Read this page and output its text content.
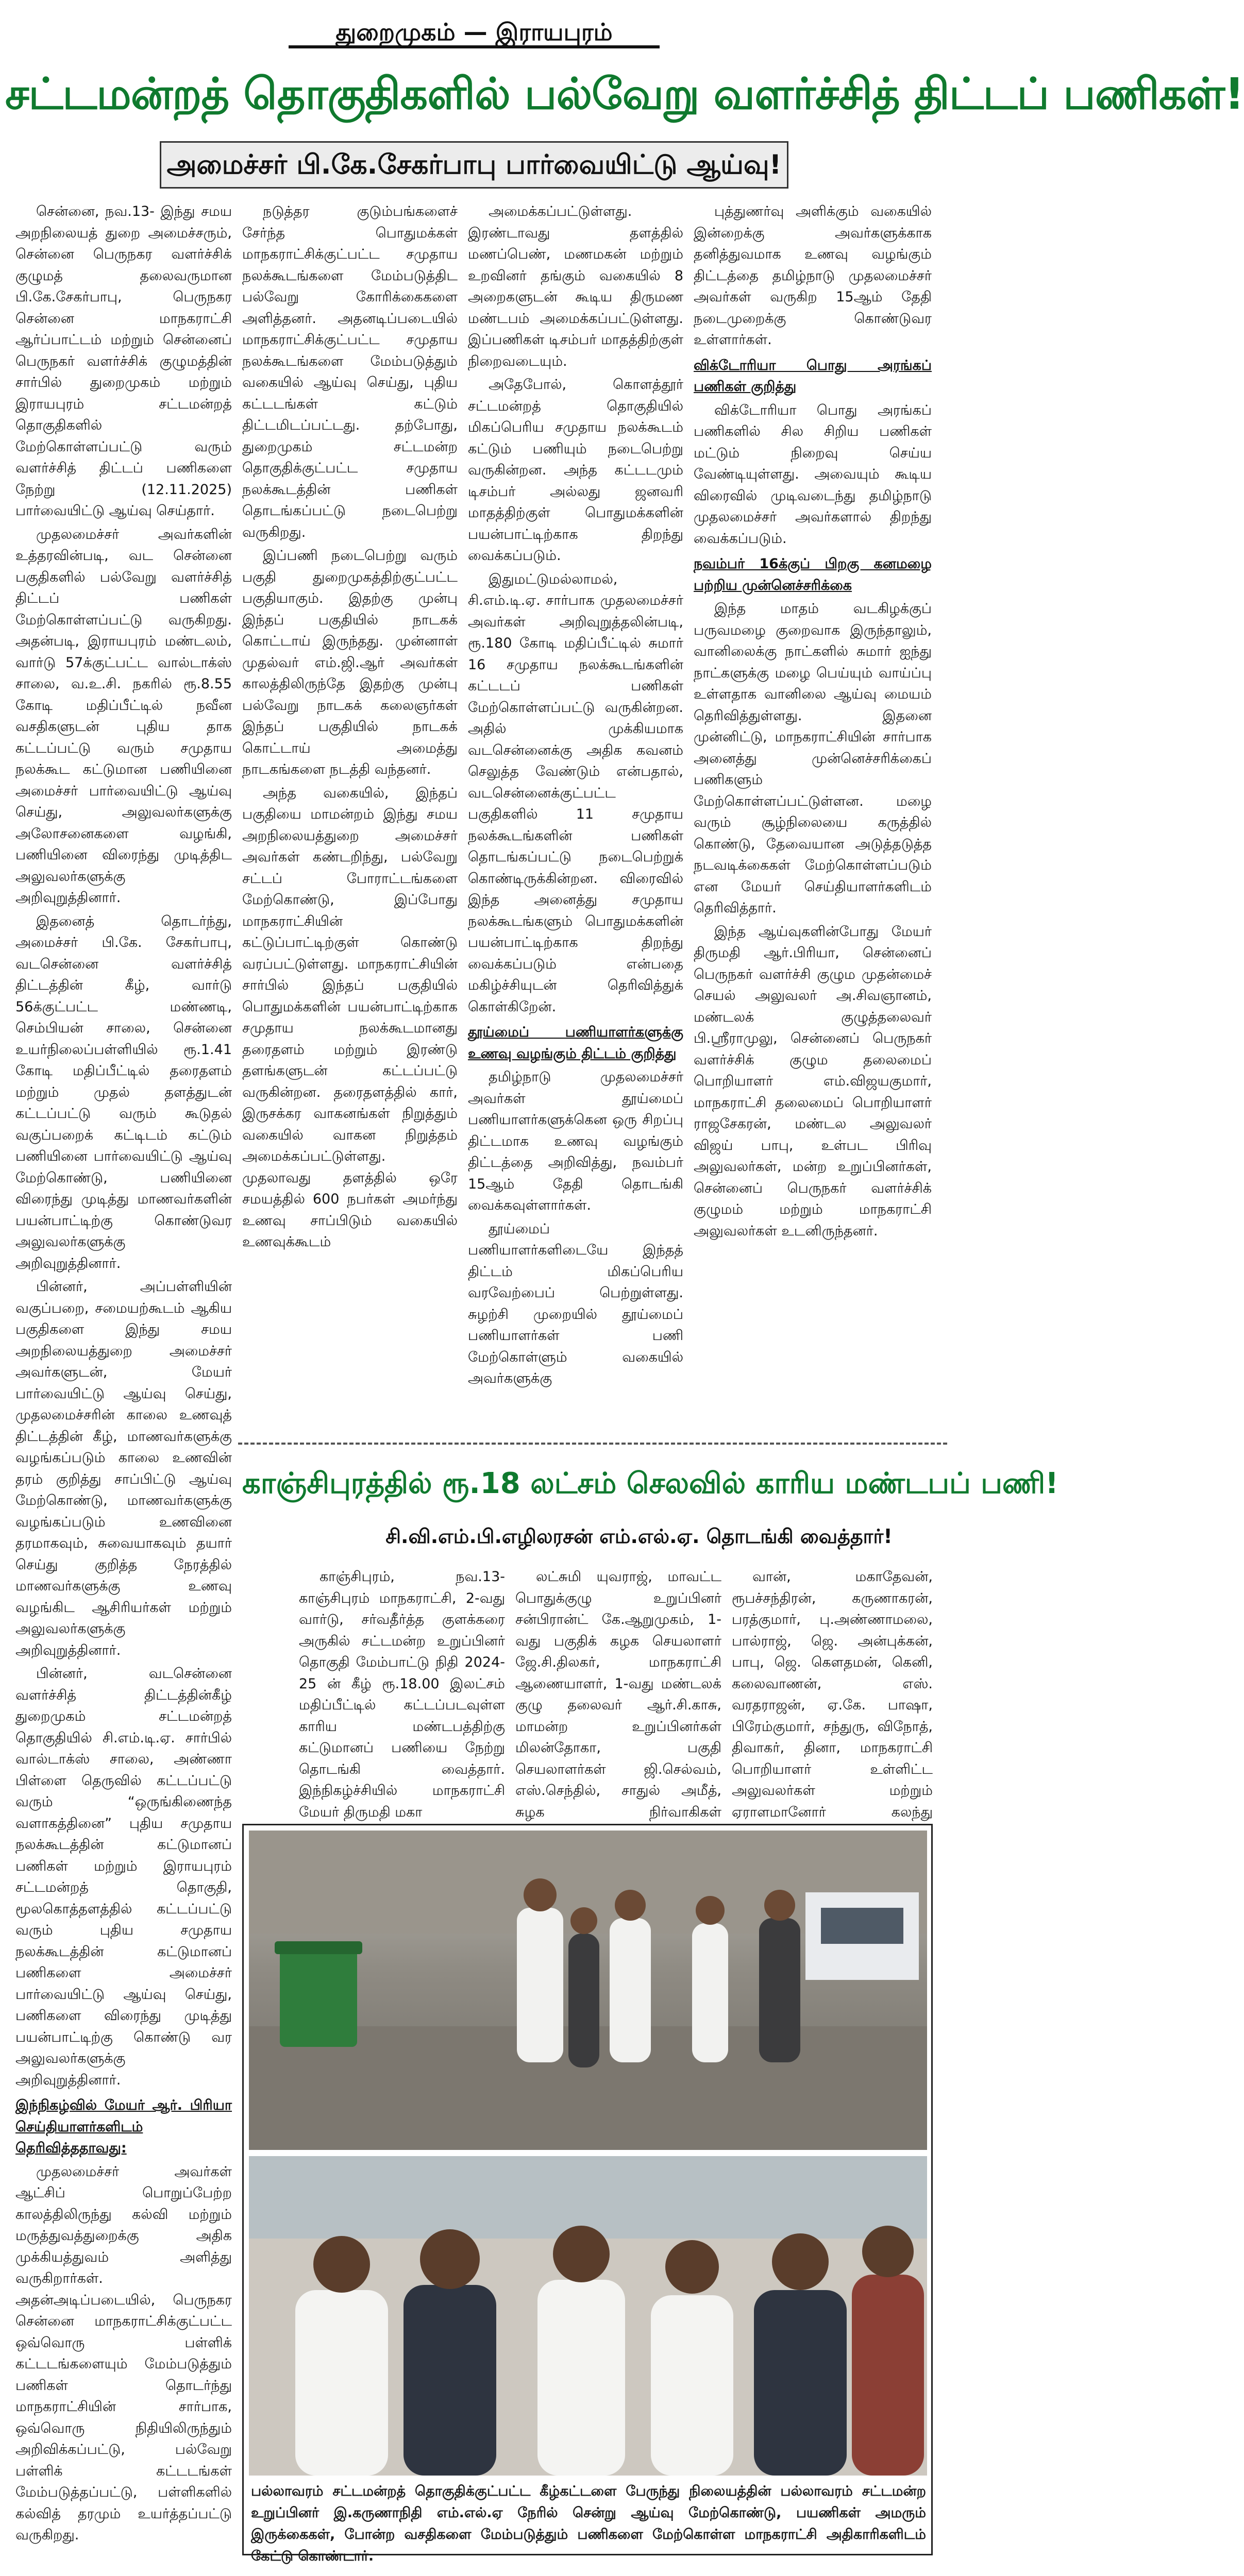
துறைமுகம் — இராயபுரம்
சட்டமன்றத் தொகுதிகளில் பல்வேறு வளர்ச்சித் திட்டப் பணிகள்!
அமைச்சர் பி.கே.சேகர்பாபு பார்வையிட்டு ஆய்வு!

சென்னை, நவ.13- இந்து சமய அறநிலையத் துறை அமைச்சரும், சென்னை பெருநகர வளர்ச்சிக் குழுமத் தலைவருமான பி.கே.சேகர்பாபு, பெருநகர சென்னை மாநகராட்சி ஆர்ப்பாட்டம் மற்றும் சென்னைப் பெருநகர் வளர்ச்சிக் குழுமத்தின் சார்பில் துறைமுகம் மற்றும் இராயபுரம் சட்டமன்றத் தொகுதிகளில் மேற்கொள்ளப்பட்டு வரும் வளர்ச்சித் திட்டப் பணிகளை நேற்று (12.11.2025) பார்வையிட்டு ஆய்வு செய்தார்.

முதலமைச்சர் அவர்களின் உத்தரவின்படி, வட சென்னை பகுதிகளில் பல்வேறு வளர்ச்சித் திட்டப் பணிகள் மேற்கொள்ளப்பட்டு வருகிறது. அதன்படி, இராயபுரம் மண்டலம், வார்டு 57க்குட்பட்ட வால்டாக்ஸ் சாலை, வ.உ.சி. நகரில் ரூ.8.55 கோடி மதிப்பீட்டில் நவீன வசதிகளுடன் புதிய தாக கட்டப்பட்டு வரும் சமுதாய நலக்கூட கட்டுமான பணியினை அமைச்சர் பார்வையிட்டு ஆய்வு செய்து, அலுவலர்களுக்கு அலோசனைகளை வழங்கி, பணியினை விரைந்து முடித்திட அலுவலர்களுக்கு அறிவுறுத்தினார்.

இதனைத் தொடர்ந்து, அமைச்சர் பி.கே. சேகர்பாபு, வடசென்னை வளர்ச்சித் திட்டத்தின் கீழ், வார்டு 56க்குட்பட்ட மண்ணடி, செம்பியன் சாலை, சென்னை உயர்நிலைப்பள்ளியில் ரூ.1.41 கோடி மதிப்பீட்டில் தரைதளம் மற்றும் முதல் தளத்துடன் கட்டப்பட்டு வரும் கூடுதல் வகுப்பறைக் கட்டிடம் கட்டும் பணியினை பார்வையிட்டு ஆய்வு மேற்கொண்டு, பணியினை விரைந்து முடித்து மாணவர்களின் பயன்பாட்டிற்கு கொண்டுவர அலுவலர்களுக்கு அறிவுறுத்தினார்.

பின்னர், அப்பள்ளியின் வகுப்பறை, சமையற்கூடம் ஆகிய பகுதிகளை இந்து சமய அறநிலையத்துறை அமைச்சர் அவர்களுடன், மேயர் பார்வையிட்டு ஆய்வு செய்து, முதலமைச்சரின் காலை உணவுத் திட்டத்தின் கீழ், மாணவர்களுக்கு வழங்கப்படும் காலை உணவின் தரம் குறித்து சாப்பிட்டு ஆய்வு மேற்கொண்டு, மாணவர்களுக்கு வழங்கப்படும் உணவினை தரமாகவும், சுவையாகவும் தயார் செய்து குறித்த நேரத்தில் மாணவர்களுக்கு உணவு வழங்கிட ஆசிரியர்கள் மற்றும் அலுவலர்களுக்கு அறிவுறுத்தினார்.

பின்னர், வடசென்னை வளர்ச்சித் திட்டத்தின்கீழ் துறைமுகம் சட்டமன்றத் தொகுதியில் சி.எம்.டி.ஏ. சார்பில் வால்டாக்ஸ் சாலை, அண்ணா பிள்ளை தெருவில் கட்டப்பட்டு வரும் “ஒருங்கிணைந்த வளாகத்தினை” புதிய சமுதாய நலக்கூடத்தின் கட்டுமானப் பணிகள் மற்றும் இராயபுரம் சட்டமன்றத் தொகுதி, மூலகொத்தளத்தில் கட்டப்பட்டு வரும் புதிய சமுதாய நலக்கூடத்தின் கட்டுமானப் பணிகளை அமைச்சர் பார்வையிட்டு ஆய்வு செய்து, பணிகளை விரைந்து முடித்து பயன்பாட்டிற்கு கொண்டு வர அலுவலர்களுக்கு அறிவுறுத்தினார்.

இந்நிகழ்வில் மேயர் ஆர். பிரியா செய்தியாளர்களிடம் தெரிவித்ததாவது:

முதலமைச்சர் அவர்கள் ஆட்சிப் பொறுப்பேற்ற காலத்திலிருந்து கல்வி மற்றும் மருத்துவத்துறைக்கு அதிக முக்கியத்துவம் அளித்து வருகிறார்கள். அதன்அடிப்படையில், பெருநகர சென்னை மாநகராட்சிக்குட்பட்ட ஒவ்வொரு பள்ளிக் கட்டடங்களையும் மேம்படுத்தும் பணிகள் தொடர்ந்து மாநகராட்சியின் சார்பாக, ஒவ்வொரு நிதியிலிருந்தும் அறிவிக்கப்பட்டு, பல்வேறு பள்ளிக் கட்டடங்கள் மேம்படுத்தப்பட்டு, பள்ளிகளில் கல்வித் தரமும் உயர்த்தப்பட்டு வருகிறது.

நடுத்தர குடும்பங்களைச் சேர்ந்த பொதுமக்கள் மாநகராட்சிக்குட்பட்ட சமுதாய நலக்கூடங்களை மேம்படுத்திட பல்வேறு கோரிக்கைகளை அளித்தனர். அதனடிப்படையில் மாநகராட்சிக்குட்பட்ட சமுதாய நலக்கூடங்களை மேம்படுத்தும் வகையில் ஆய்வு செய்து, புதிய கட்டடங்கள் கட்டும் திட்டமிடப்பட்டது. தற்போது, துறைமுகம் சட்டமன்ற தொகுதிக்குட்பட்ட சமுதாய நலக்கூடத்தின் பணிகள் தொடங்கப்பட்டு நடைபெற்று வருகிறது.

இப்பணி நடைபெற்று வரும் பகுதி துறைமுகத்திற்குட்பட்ட பகுதியாகும். இதற்கு முன்பு இந்தப் பகுதியில் நாடகக் கொட்டாய் இருந்தது. முன்னாள் முதல்வர் எம்.ஜி.ஆர் அவர்கள் காலத்திலிருந்தே இதற்கு முன்பு பல்வேறு நாடகக் கலைஞர்கள் இந்தப் பகுதியில் நாடகக் கொட்டாய் அமைத்து நாடகங்களை நடத்தி வந்தனர்.

அந்த வகையில், இந்தப் பகுதியை மாமன்றம் இந்து சமய அறநிலையத்துறை அமைச்சர் அவர்கள் கண்டறிந்து, பல்வேறு சட்டப் போராட்டங்களை மேற்கொண்டு, இப்போது மாநகராட்சியின் கட்டுப்பாட்டிற்குள் கொண்டு வரப்பட்டுள்ளது. மாநகராட்சியின் சார்பில் இந்தப் பகுதியில் பொதுமக்களின் பயன்பாட்டிற்காக சமுதாய நலக்கூடமானது தரைதளம் மற்றும் இரண்டு தளங்களுடன் கட்டப்பட்டு வருகின்றன. தரைதளத்தில் கார், இருசக்கர வாகனங்கள் நிறுத்தும் வகையில் வாகன நிறுத்தம் அமைக்கப்பட்டுள்ளது. முதலாவது தளத்தில் ஒரே சமயத்தில் 600 நபர்கள் அமர்ந்து உணவு சாப்பிடும் வகையில் உணவுக்கூடம்

அமைக்கப்பட்டுள்ளது. இரண்டாவது தளத்தில் மணப்பெண், மணமகன் மற்றும் உறவினர் தங்கும் வகையில் 8 அறைகளுடன் கூடிய திருமண மண்டபம் அமைக்கப்பட்டுள்ளது. இப்பணிகள் டிசம்பர் மாதத்திற்குள் நிறைவடையும்.

அதேபோல், கொளத்தூர் சட்டமன்றத் தொகுதியில் மிகப்பெரிய சமுதாய நலக்கூடம் கட்டும் பணியும் நடைபெற்று வருகின்றன. அந்த கட்டடமும் டிசம்பர் அல்லது ஜனவரி மாதத்திற்குள் பொதுமக்களின் பயன்பாட்டிற்காக திறந்து வைக்கப்படும்.

இதுமட்டுமல்லாமல், சி.எம்.டி.ஏ. சார்பாக முதலமைச்சர் அவர்கள் அறிவுறுத்தலின்படி, ரூ.180 கோடி மதிப்பீட்டில் சுமார் 16 சமுதாய நலக்கூடங்களின் கட்டடப் பணிகள் மேற்கொள்ளப்பட்டு வருகின்றன. அதில் முக்கியமாக வடசென்னைக்கு அதிக கவனம் செலுத்த வேண்டும் என்பதால், வடசென்னைக்குட்பட்ட பகுதிகளில் 11 சமுதாய நலக்கூடங்களின் பணிகள் தொடங்கப்பட்டு நடைபெற்றுக் கொண்டிருக்கின்றன. விரைவில் இந்த அனைத்து சமுதாய நலக்கூடங்களும் பொதுமக்களின் பயன்பாட்டிற்காக திறந்து வைக்கப்படும் என்பதை மகிழ்ச்சியுடன் தெரிவித்துக் கொள்கிறேன்.

தூய்மைப் பணியாளர்களுக்கு உணவு வழங்கும் திட்டம் குறித்து

தமிழ்நாடு முதலமைச்சர் அவர்கள் தூய்மைப் பணியாளர்களுக்கென ஒரு சிறப்பு திட்டமாக உணவு வழங்கும் திட்டத்தை அறிவித்து, நவம்பர் 15ஆம் தேதி தொடங்கி வைக்கவுள்ளார்கள்.

தூய்மைப் பணியாளர்களிடையே இந்தத் திட்டம் மிகப்பெரிய வரவேற்பைப் பெற்றுள்ளது. சுழற்சி முறையில் தூய்மைப் பணியாளர்கள் பணி மேற்கொள்ளும் வகையில் அவர்களுக்கு

புத்துணர்வு அளிக்கும் வகையில் இன்றைக்கு அவர்களுக்காக தனித்துவமாக உணவு வழங்கும் திட்டத்தை தமிழ்நாடு முதலமைச்சர் அவர்கள் வருகிற 15ஆம் தேதி நடைமுறைக்கு கொண்டுவர உள்ளார்கள்.

விக்டோரியா பொது அரங்கப் பணிகள் குறித்து

விக்டோரியா பொது அரங்கப் பணிகளில் சில சிறிய பணிகள் மட்டும் நிறைவு செய்ய வேண்டியுள்ளது. அவையும் கூடிய விரைவில் முடிவடைந்து தமிழ்நாடு முதலமைச்சர் அவர்களால் திறந்து வைக்கப்படும்.

நவம்பர் 16க்குப் பிறகு கனமழை பற்றிய முன்னெச்சரிக்கை

இந்த மாதம் வடகிழக்குப் பருவமழை குறைவாக இருந்தாலும், வானிலைக்கு நாட்களில் சுமார் ஐந்து நாட்களுக்கு மழை பெய்யும் வாய்ப்பு உள்ளதாக வானிலை ஆய்வு மையம் தெரிவித்துள்ளது. இதனை முன்னிட்டு, மாநகராட்சியின் சார்பாக அனைத்து முன்னெச்சரிக்கைப் பணிகளும் மேற்கொள்ளப்பட்டுள்ளன. மழை வரும் சூழ்நிலையை கருத்தில் கொண்டு, தேவையான அடுத்தடுத்த நடவடிக்கைகள் மேற்கொள்ளப்படும் என மேயர் செய்தியாளர்களிடம் தெரிவித்தார்.

இந்த ஆய்வுகளின்போது மேயர் திருமதி ஆர்.பிரியா, சென்னைப் பெருநகர் வளர்ச்சி குழும முதன்மைச் செயல் அலுவலர் அ.சிவஞானம், மண்டலக் குழுத்தலைவர் பி.ஸ்ரீராமுலு, சென்னைப் பெருநகர் வளர்ச்சிக் குழும தலைமைப் பொறியாளர் எம்.விஜயகுமார், மாநகராட்சி தலைமைப் பொறியாளர் ராஜசேகரன், மண்டல அலுவலர் விஜய் பாபு, உள்பட பிரிவு அலுவலர்கள், மன்ற உறுப்பினர்கள், சென்னைப் பெருநகர் வளர்ச்சிக் குழுமம் மற்றும் மாநகராட்சி அலுவலர்கள் உடனிருந்தனர்.

காஞ்சிபுரத்தில் ரூ.18 லட்சம் செலவில் காரிய மண்டபப் பணி!
சி.வி.எம்.பி.எழிலரசன் எம்.எல்.ஏ. தொடங்கி வைத்தார்!

காஞ்சிபுரம், நவ.13- காஞ்சிபுரம் மாநகராட்சி, 2-வது வார்டு, சர்வதீர்த்த குளக்கரை அருகில் சட்டமன்ற உறுப்பினர் தொகுதி மேம்பாட்டு நிதி 2024-25 ன் கீழ் ரூ.18.00 இலட்சம் மதிப்பீட்டில் கட்டப்படவுள்ள காரிய மண்டபத்திற்கு கட்டுமானப் பணியை நேற்று தொடங்கி வைத்தார். இந்நிகழ்ச்சியில் மாநகராட்சி மேயர் திருமதி மகா

லட்சுமி யுவராஜ், மாவட்ட பொதுக்குழு உறுப்பினர் சன்பிரான்ட் கே.ஆறுமுகம், 1-வது பகுதிக் கழக செயலாளர் ஜே.சி.திலகர், மாநகராட்சி ஆணையாளர், 1-வது மண்டலக் குழு தலைவர் ஆர்.சி.காசு, மாமன்ற உறுப்பினர்கள் மிலன்தோகா, பகுதி செயலாளர்கள் ஜி.செல்வம், எஸ்.செந்தில், சாதுல் அமீத், சுழக நிர்வாகிகள்

வான், மகாதேவன், ரூபச்சந்திரன், கருணாகரன், பரத்குமார், பு.அண்ணாமலை, பால்ராஜ், ஜெ. அன்புக்கன், பாபு, ஜெ. கௌதமன், கெனி, கலைவாணன், எஸ். வரதராஜன், ஏ.கே. பாஷா, பிரேம்குமார், சந்துரு, விநோத், திவாகர், தினா, மாநகராட்சி பொறியாளர் உள்ளிட்ட அலுவலர்கள் மற்றும் ஏராளமானோர் கலந்து

பல்லாவரம் சட்டமன்றத் தொகுதிக்குட்பட்ட கீழ்கட்டளை பேருந்து நிலையத்தின் பல்லாவரம் சட்டமன்ற உறுப்பினர் இ.கருணாநிதி எம்.எல்.ஏ நேரில் சென்று ஆய்வு மேற்கொண்டு, பயணிகள் அமரும் இருக்கைகள், போன்ற வசதிகளை மேம்படுத்தும் பணிகளை மேற்கொள்ள மாநகராட்சி அதிகாரிகளிடம் கேட்டு கொண்டார்.
